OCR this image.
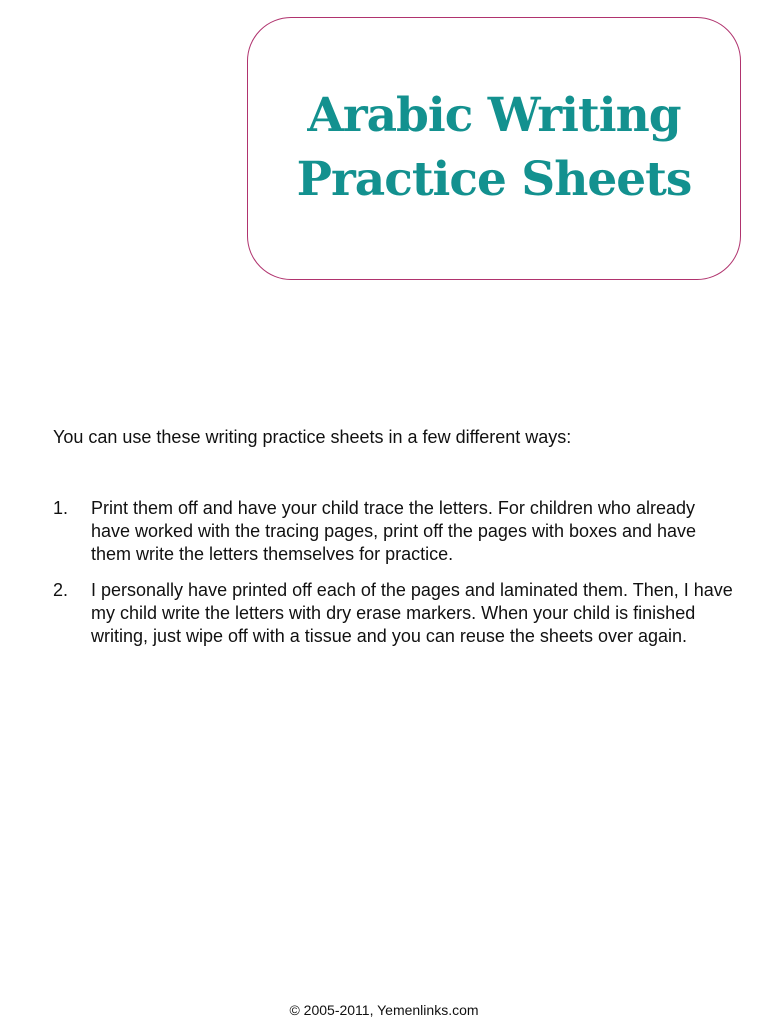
Arabic Writing
Practice Sheets
You can use these writing practice sheets in a few different ways:
1. Print them off and have your child trace the letters. For children who already have worked with the tracing pages, print off the pages with boxes and have them write the letters themselves for practice.
2. I personally have printed off each of the pages and laminated them. Then, I have my child write the letters with dry erase markers. When your child is finished writing, just wipe off with a tissue and you can reuse the sheets over again.
© 2005-2011, Yemenlinks.com
